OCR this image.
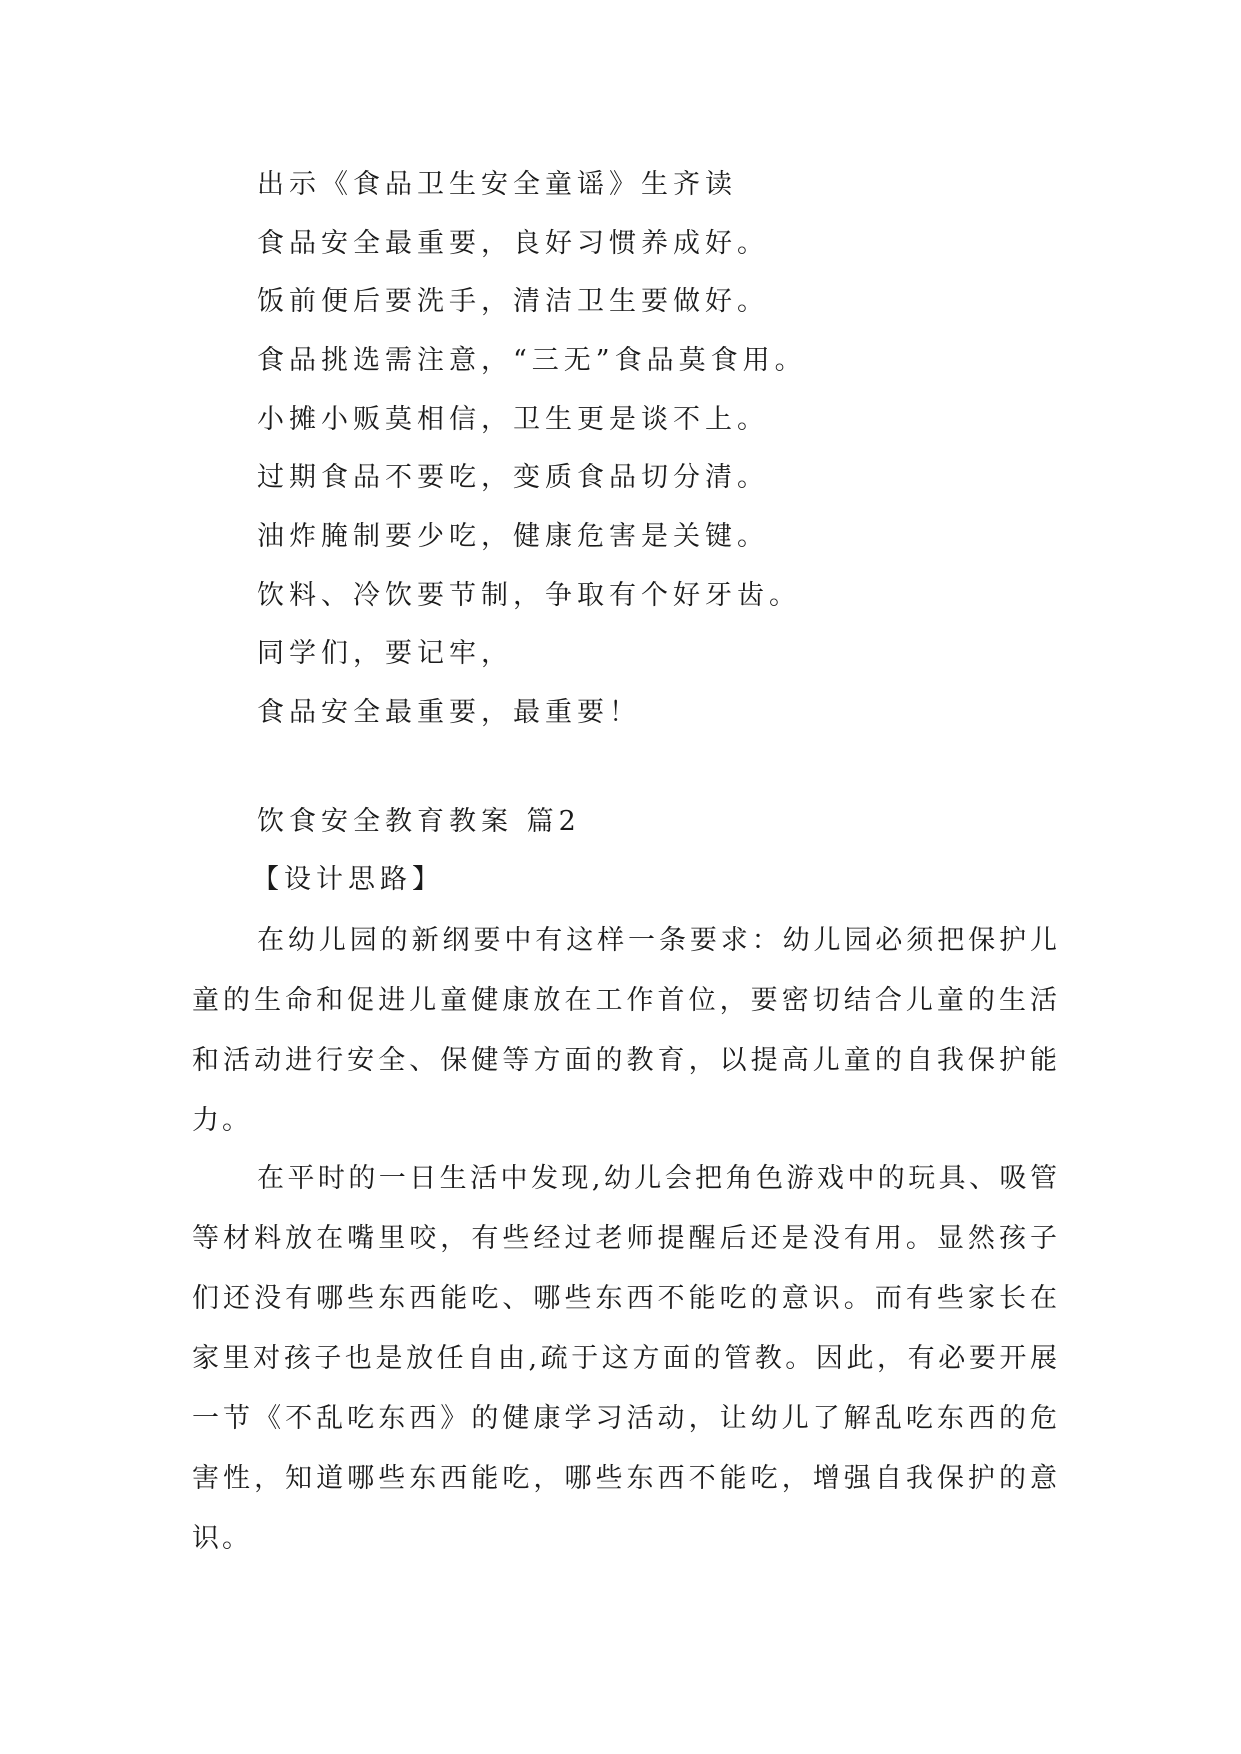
出示《食品卫生安全童谣》生齐读
食品安全最重要，良好习惯养成好。
饭前便后要洗手，清洁卫生要做好。
食品挑选需注意，“三无”食品莫食用。
小摊小贩莫相信，卫生更是谈不上。
过期食品不要吃，变质食品切分清。
油炸腌制要少吃，健康危害是关键。
饮料、冷饮要节制，争取有个好牙齿。
同学们，要记牢，
食品安全最重要，最重要！
饮食安全教育教案 篇2
【设计思路】

在幼儿园的新纲要中有这样一条要求：幼儿园必须把保护儿童的生命和促进儿童健康放在工作首位，要密切结合儿童的生活和活动进行安全、保健等方面的教育，以提高儿童的自我保护能力。

在平时的一日生活中发现,幼儿会把角色游戏中的玩具、吸管等材料放在嘴里咬，有些经过老师提醒后还是没有用。显然孩子们还没有哪些东西能吃、哪些东西不能吃的意识。而有些家长在家里对孩子也是放任自由,疏于这方面的管教。因此，有必要开展一节《不乱吃东西》的健康学习活动，让幼儿了解乱吃东西的危害性，知道哪些东西能吃，哪些东西不能吃，增强自我保护的意识。
